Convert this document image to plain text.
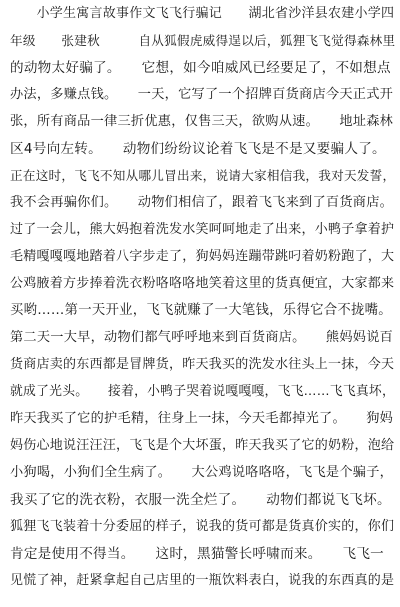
　　小学生寓言故事作文飞飞行骗记　　湖北省沙洋县农建小学四
年级　　张建秋　　　自从狐假虎威得逞以后，狐狸飞飞觉得森林里
的动物太好骗了。　　它想，如今咱威风已经要足了，不如想点
办法，多赚点钱。　　一天，它写了一个招牌百货商店今天正式开
张，所有商品一律三折优惠，仅售三天，欲购从速。　　地址森林
区4号向左转。　　动物们纷纷议论着飞飞是不是又要骗人了。
正在这时，飞飞不知从哪儿冒出来，说请大家相信我，我对天发誓，
我不会再骗你们。　　动物们相信了，跟着飞飞来到了百货商店。
过了一会儿，熊大妈抱着洗发水笑呵呵地走了出来，小鸭子拿着护
毛精嘎嘎嘎地踏着八字步走了，狗妈妈连蹦带跳叼着奶粉跑了，大
公鸡腋着方步捧着洗衣粉咯咯咯地笑着这里的货真便宜，大家都来
买哟……第一天开业，飞飞就赚了一大笔钱，乐得它合不拢嘴。
第二天一大早，动物们都气呼呼地来到百货商店。　　熊妈妈说百
货商店卖的东西都是冒牌货，昨天我买的洗发水往头上一抹，今天
就成了光头。　　接着，小鸭子哭着说嘎嘎嘎，飞飞……飞飞真坏，
昨天我买了它的护毛精，往身上一抹，今天毛都掉光了。　　狗妈
妈伤心地说汪汪汪，飞飞是个大坏蛋，昨天我买了它的奶粉，泡给
小狗喝，小狗们全生病了。　　大公鸡说咯咯咯，飞飞是个骗子，
我买了它的洗衣粉，衣服一洗全烂了。　　动物们都说飞飞坏。
狐狸飞飞装着十分委屈的样子，说我的货可都是货真价实的，你们
肯定是使用不得当。　　这时，黑猫警长呼啸而来。　　飞飞一
见慌了神，赶紧拿起自己店里的一瓶饮料表白，说我的东西真的是
